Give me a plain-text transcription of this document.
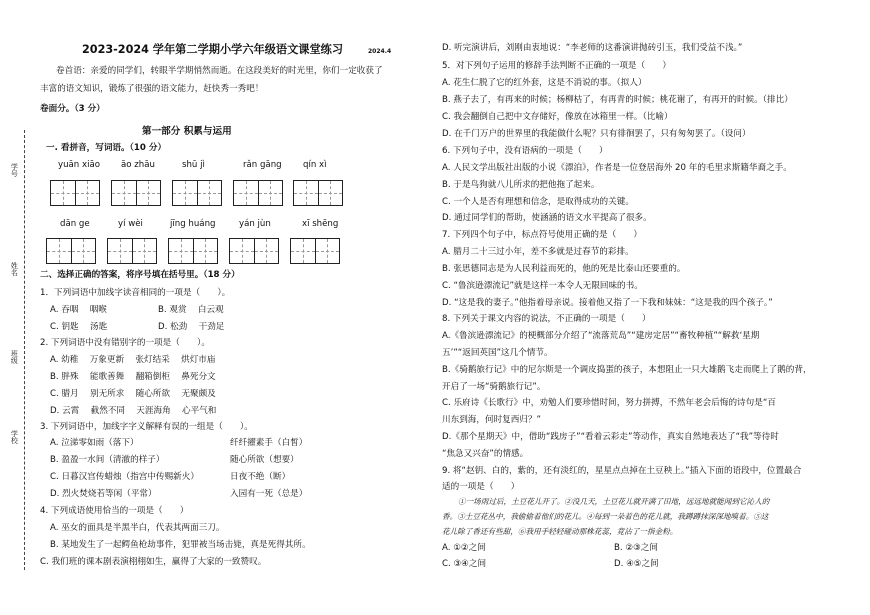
学号
姓名
班级
学校
2023-2024 学年第二学期小学六年级语文课堂练习	2024.4
卷首语：亲爱的同学们，转眼半学期悄然而逝。在这段美好的时光里，你们一定收获了
丰富的语文知识，锻炼了很强的语文能力，赶快秀一秀吧！
卷面分。（3 分）
第一部分 积累与运用
一. 看拼音，写词语。（10 分）
yuān xiāo āo zhāu	shū jì	rǎn gāng qín xì
dān ge	yí wèi	jīng huáng	yán jùn	xī shēng
二、选择正确的答案，将序号填在括号里。（18 分）
1．下列词语中加线字读音相同的一项是（　　）。
A. 吞咽　 咽喉	B. 观赏　 白云观
C. 钥匙　 汤匙	D. 松劲　 干劲足
2. 下列词语中没有错别字的一项是（　　）。
A. 幼稚　 万象更新　 张灯结采　 烘灯市庙
B. 胖殊　 能歌善舞　 翻箱倒柜　 鼻死分文
C. 腊月　 别无所求　 随心所欲　 无聚颇及
D. 云霄　 截然不同　 天涯海角　 心平气和
3. 下列词语中，加线字字义解释有误的一组是（　　）。
A. 泣涕零如雨（落下）	纤纤擢素手（白皙）
B. 盈盈一水间（清澈的样子）	随心所欲（想要）
C. 日暮汉宫传蜡烛（指宫中传赐新火）	日夜不绝（断）
D. 烈火焚烧若等闲（平常）	入园有一死（总是）
4. 下列成语使用恰当的一项是（　　）
A. 巫女的面具是半黑半白，代表其两面三刀。
B. 某地发生了一起鳄鱼枪劫事件，犯罪被当场击毙，真是死得其所。
C. 我们班的课本剧表演栩栩如生，赢得了大家的一致赞叹。
D. 听完演讲后，刘刚由衷地说：“李老师的这番演讲抛砖引玉，我们受益不浅。”
5．对下列句子运用的修辞手法判断不正确的一项是（　　）
A. 花生仁脱了它的红外套，这是不消说的事。（拟人）
B. 燕子去了，有再来的时候；杨柳枯了，有再青的时候；桃花谢了，有再开的时候。（排比）
C. 我会翻倒自己把中文存储好，像放在冰箱里一样。（比喻）
D. 在千门万户的世界里的我能做什么呢？只有徘徊罢了，只有匆匆罢了。（设问）
6. 下列句子中，没有语病的一项是（　　）
A. 人民文学出版社出版的小说《漂泊》，作者是一位登居海外 20 年的毛里求斯籍华裔之手。
B. 于是鸟狗就八儿所求的把他拖了起来。
C. 一个人是否有理想和信念，是取得成功的关键。
D. 通过同学们的帮助，使涵涵的语文水平提高了很多。
7. 下列四个句子中，标点符号使用正确的是（　　）
A. 腊月二十三过小年，差不多就是过春节的彩排。
B. 张思德同志是为人民利益而死的，他的死是比泰山还要重的。
C. “鲁滨逊漂流记”就是这样一本令人无限回味的书。
D. “这是我的妻子。”他指着母亲说。接着他又指了一下我和妹妹：“这是我的四个孩子。”
8. 下列关于课文内容的说法，不正确的一项是（　　）
A.《鲁滨逊漂流记》的梗概部分介绍了“流落荒岛”“建房定居”“畜牧种植”“解救‘星期
五’”“返回英国”这几个情节。
B.《骑鹅旅行记》中的尼尔斯是一个调皮捣蛋的孩子，本想阻止一只大雄鹅飞走而爬上了鹅的背，
开启了一场“骑鹅旅行记”。
C. 乐府诗《长歌行》中，劝勉人们要珍惜时间，努力拼搏，不然年老会后悔的诗句是“百
川东到海，何时复西归？”
D.《那个星期天》中，借助“践房子”“看着云彩走”等动作，真实自然地表达了“我”等待时
“焦急又兴奋”的情感。
9. 将“赵钥、白的，紫的，还有淡红的，星星点点掉在土豆秧上。”插入下面的语段中，位置最合
适的一项是（　　）
①一场雨过后，土豆花儿开了。②没几天，土豆花儿就开满了田地，远远地就能闻到它沁人的
香。③土豆花丛中，我偷偷着他们的花儿。④每到一朵着色的花儿就，我蹲蹲抹深深地嗅着。⑤这
花儿除了香还有些甜，⑥我用手轻轻碰动那株花蕊，竟沾了一指金粉。
A. ①②之间	B. ②③之间
C. ③④之间	D. ④⑤之间
